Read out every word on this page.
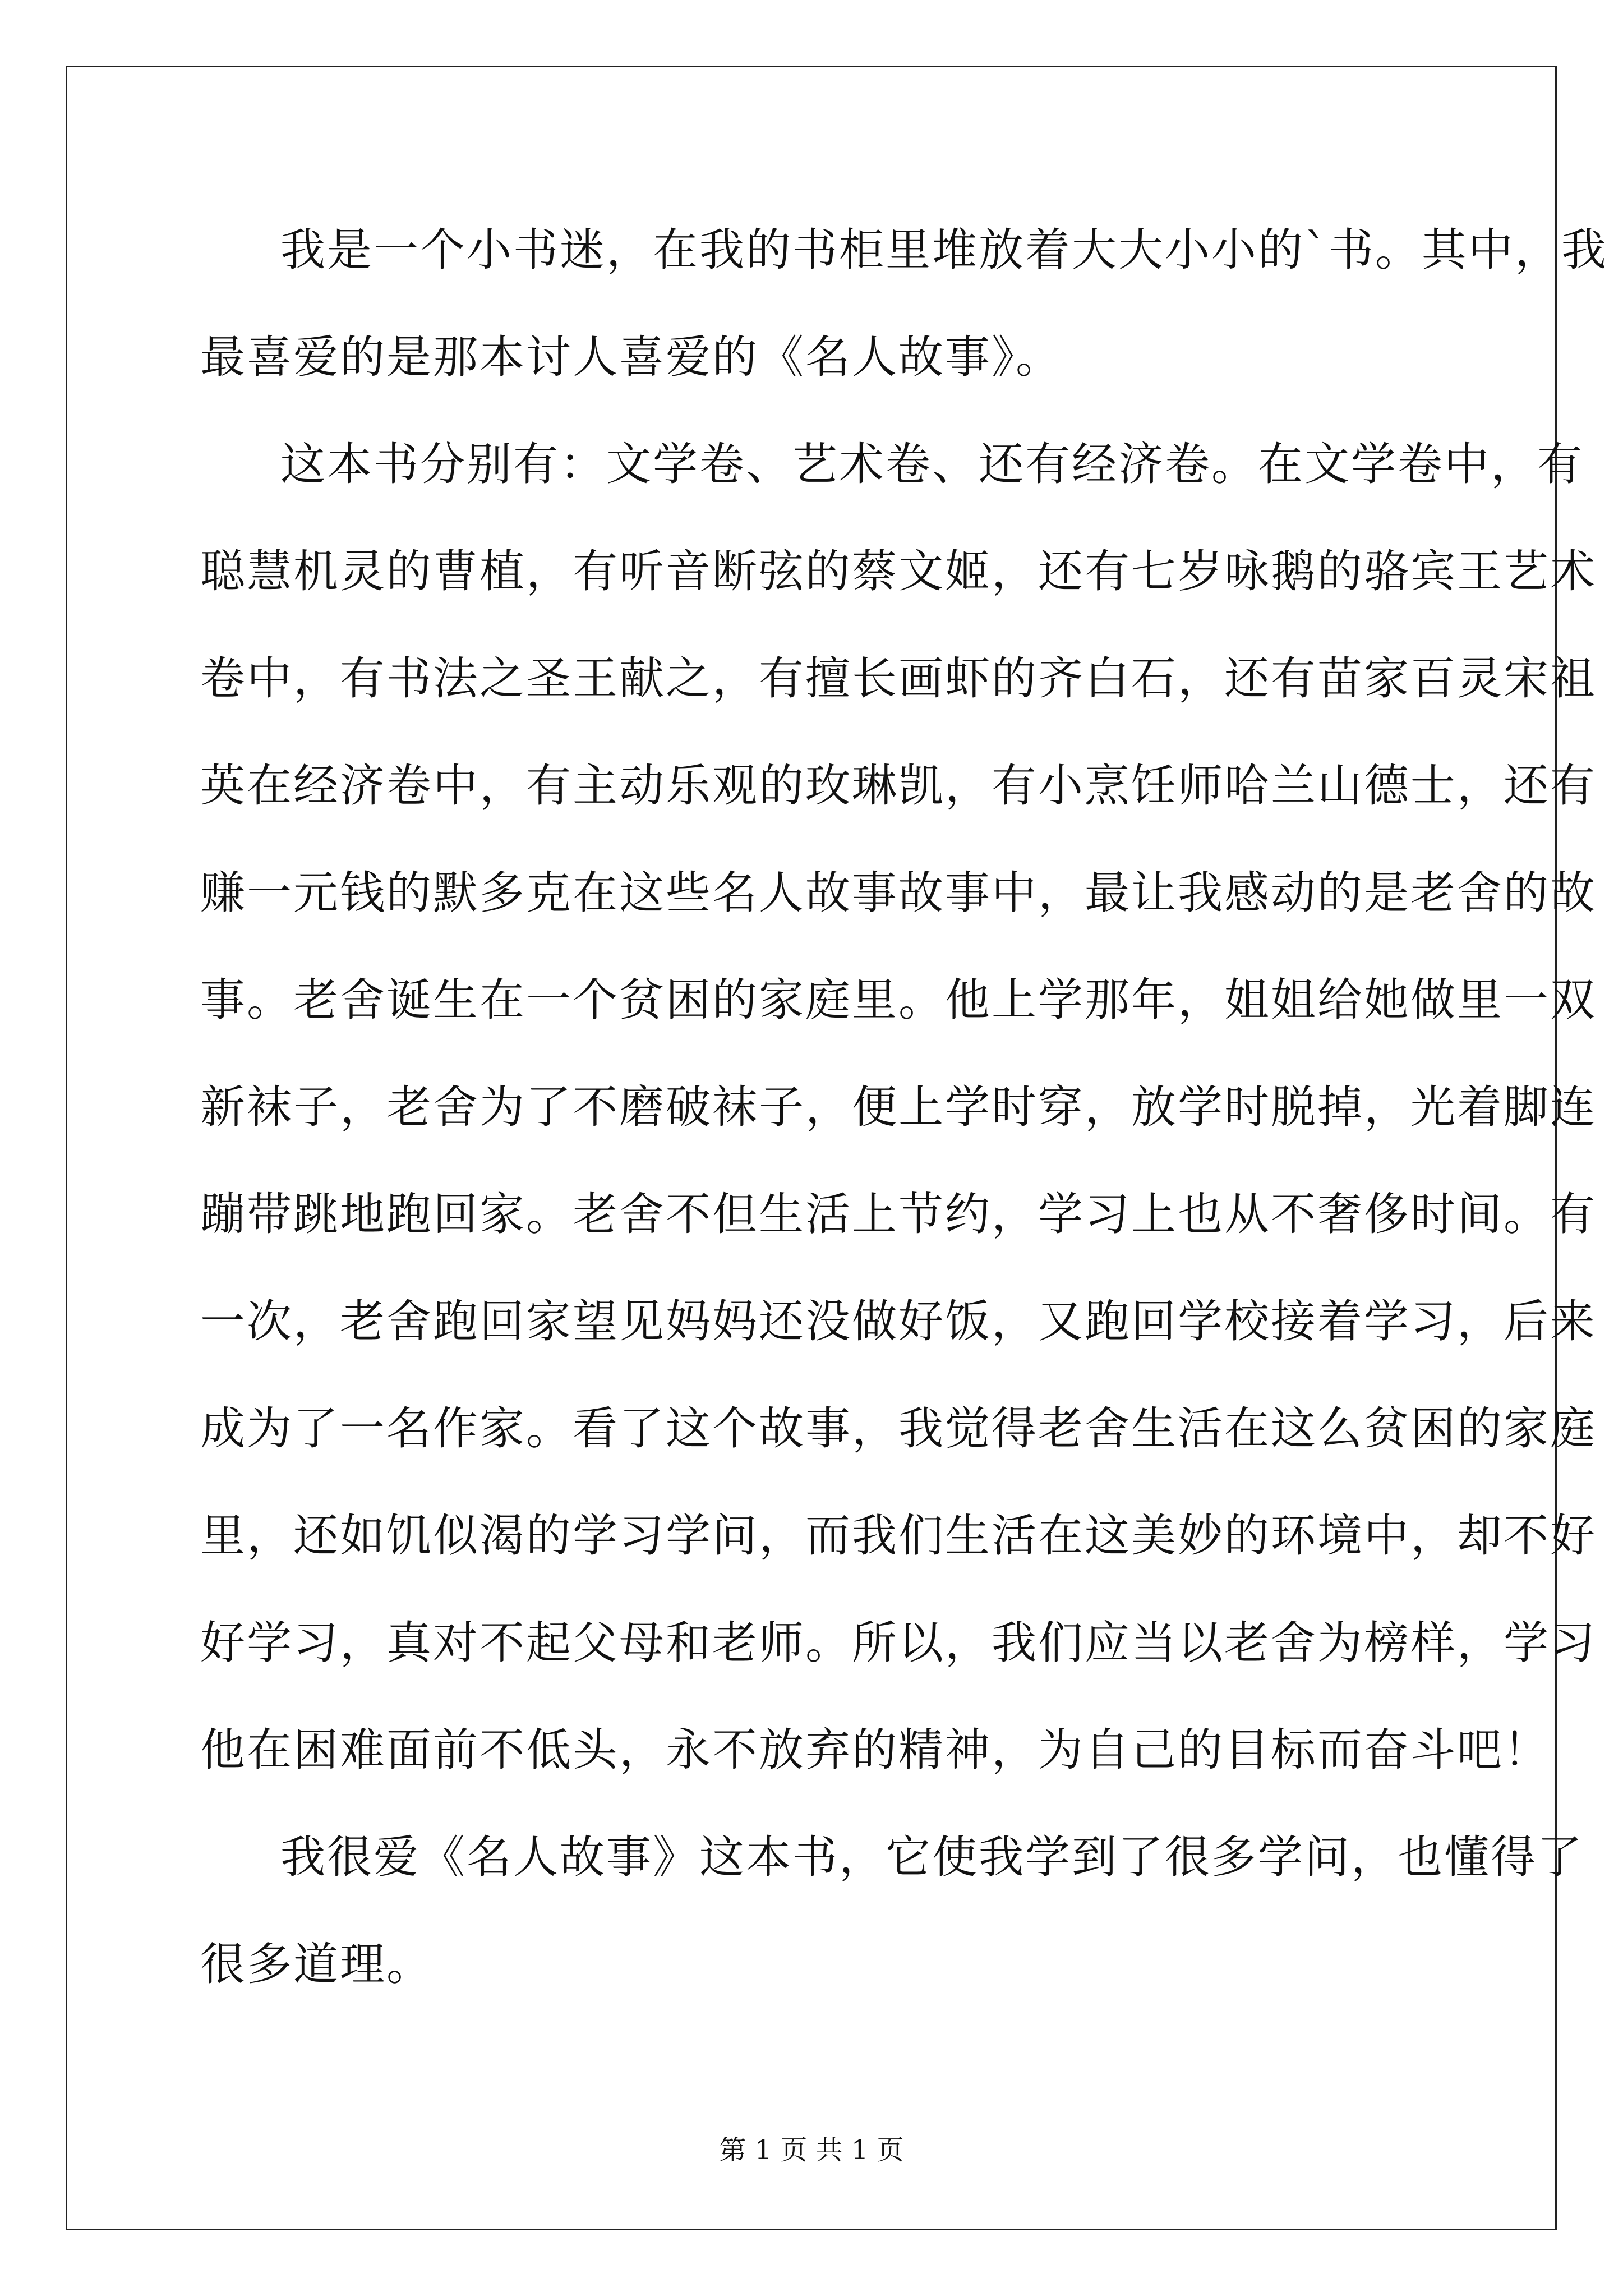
我是一个小书迷，在我的书柜里堆放着大大小小的`书。其中，我
最喜爱的是那本讨人喜爱的《名人故事》。
这本书分别有：文学卷、艺术卷、还有经济卷。在文学卷中，有
聪慧机灵的曹植，有听音断弦的蔡文姬，还有七岁咏鹅的骆宾王艺术
卷中，有书法之圣王献之，有擅长画虾的齐白石，还有苗家百灵宋祖
英在经济卷中，有主动乐观的玫琳凯，有小烹饪师哈兰山德士，还有
赚一元钱的默多克在这些名人故事故事中，最让我感动的是老舍的故
事。老舍诞生在一个贫困的家庭里。他上学那年，姐姐给她做里一双
新袜子，老舍为了不磨破袜子，便上学时穿，放学时脱掉，光着脚连
蹦带跳地跑回家。老舍不但生活上节约，学习上也从不奢侈时间。有
一次，老舍跑回家望见妈妈还没做好饭，又跑回学校接着学习，后来
成为了一名作家。看了这个故事，我觉得老舍生活在这么贫困的家庭
里，还如饥似渴的学习学问，而我们生活在这美妙的环境中，却不好
好学习，真对不起父母和老师。所以，我们应当以老舍为榜样，学习
他在困难面前不低头，永不放弃的精神，为自己的目标而奋斗吧！
我很爱《名人故事》这本书，它使我学到了很多学问，也懂得了
很多道理。
第 1 页 共 1 页
